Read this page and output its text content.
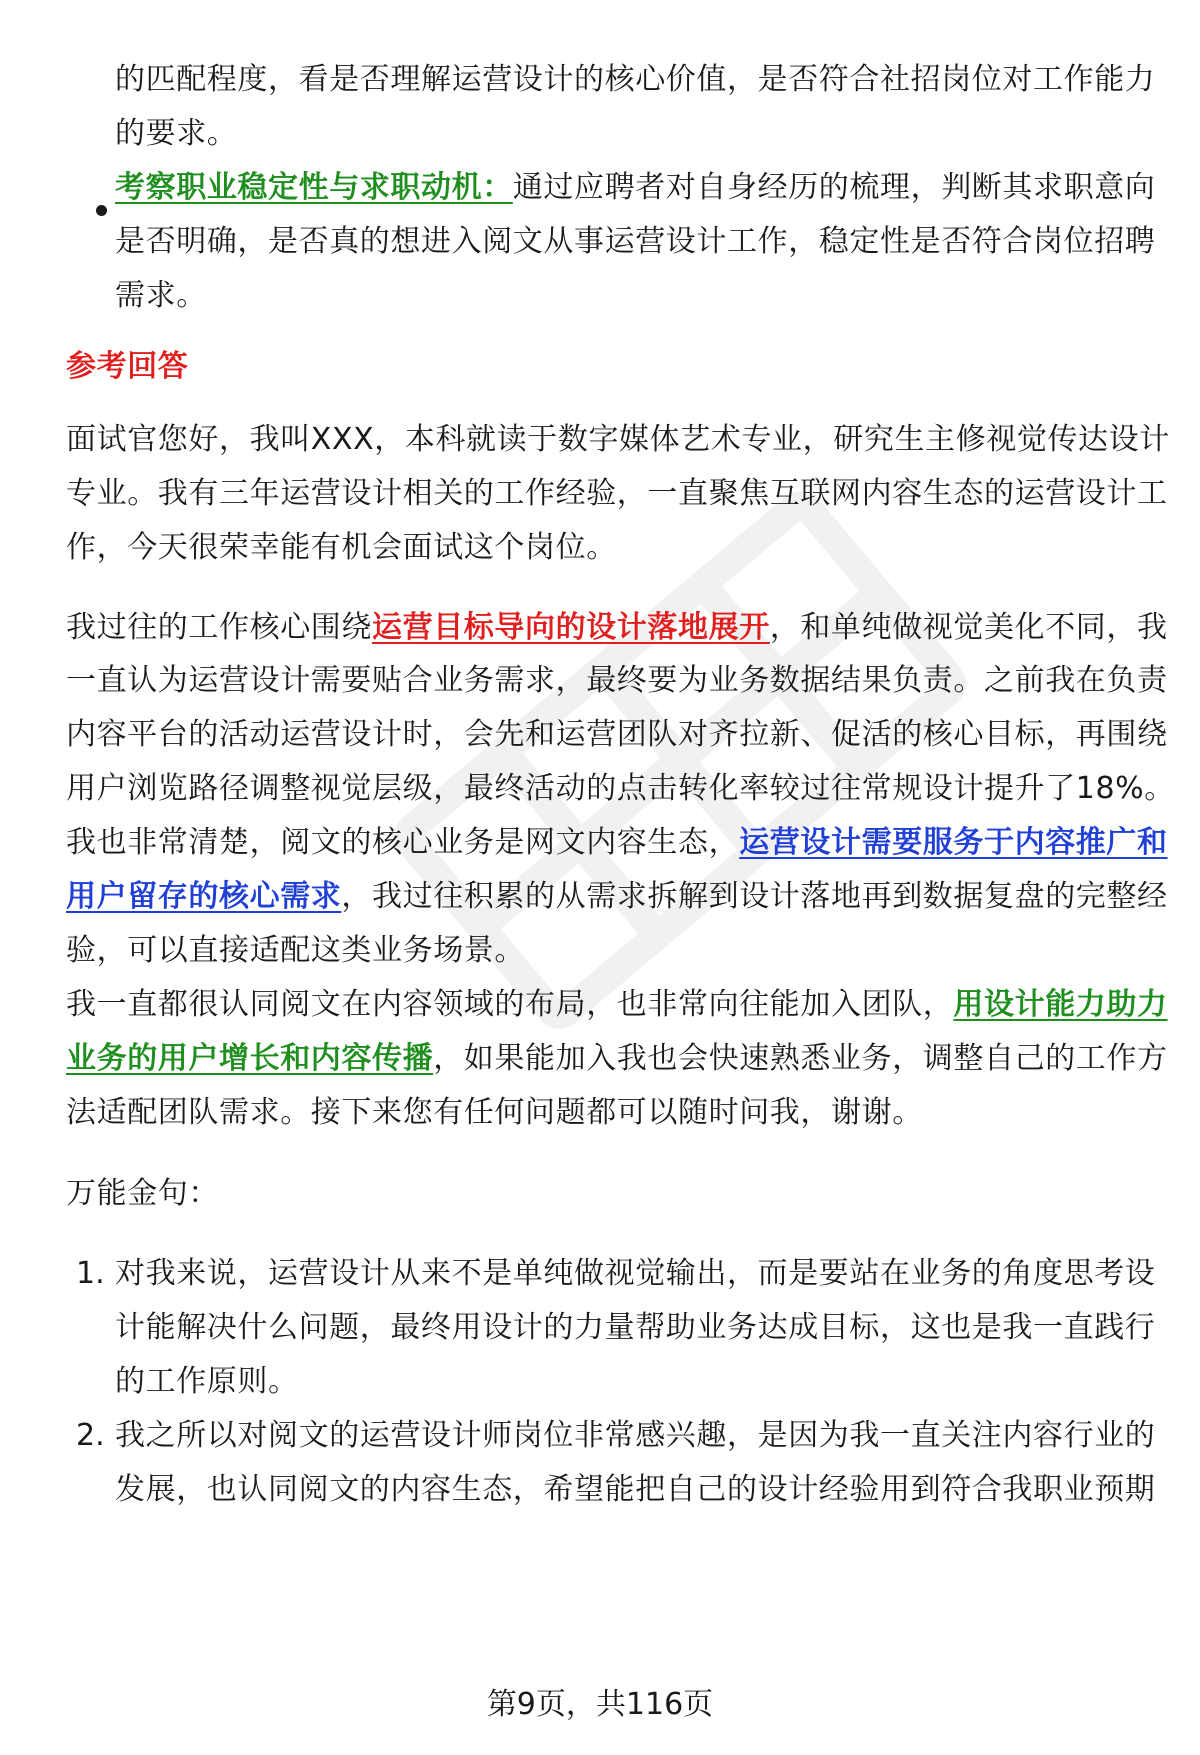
的匹配程度，看是否理解运营设计的核心价值，是否符合社招岗位对工作能力

的要求。

考察职业稳定性与求职动机：通过应聘者对自身经历的梳理，判断其求职意向

是否明确，是否真的想进入阅文从事运营设计工作，稳定性是否符合岗位招聘

需求。

参考回答

面试官您好，我叫XXX，本科就读于数字媒体艺术专业，研究生主修视觉传达设计

专业。我有三年运营设计相关的工作经验，一直聚焦互联网内容生态的运营设计工

作，今天很荣幸能有机会面试这个岗位。

我过往的工作核心围绕运营目标导向的设计落地展开，和单纯做视觉美化不同，我

一直认为运营设计需要贴合业务需求，最终要为业务数据结果负责。之前我在负责

内容平台的活动运营设计时，会先和运营团队对齐拉新、促活的核心目标，再围绕

用户浏览路径调整视觉层级，最终活动的点击转化率较过往常规设计提升了18%。

我也非常清楚，阅文的核心业务是网文内容生态，运营设计需要服务于内容推广和

用户留存的核心需求，我过往积累的从需求拆解到设计落地再到数据复盘的完整经

验，可以直接适配这类业务场景。

我一直都很认同阅文在内容领域的布局，也非常向往能加入团队，用设计能力助力

业务的用户增长和内容传播，如果能加入我也会快速熟悉业务，调整自己的工作方

法适配团队需求。接下来您有任何问题都可以随时问我，谢谢。

万能金句：

1. 对我来说，运营设计从来不是单纯做视觉输出，而是要站在业务的角度思考设

计能解决什么问题，最终用设计的力量帮助业务达成目标，这也是我一直践行

的工作原则。

2. 我之所以对阅文的运营设计师岗位非常感兴趣，是因为我一直关注内容行业的

发展，也认同阅文的内容生态，希望能把自己的设计经验用到符合我职业预期

第9页，共116页
